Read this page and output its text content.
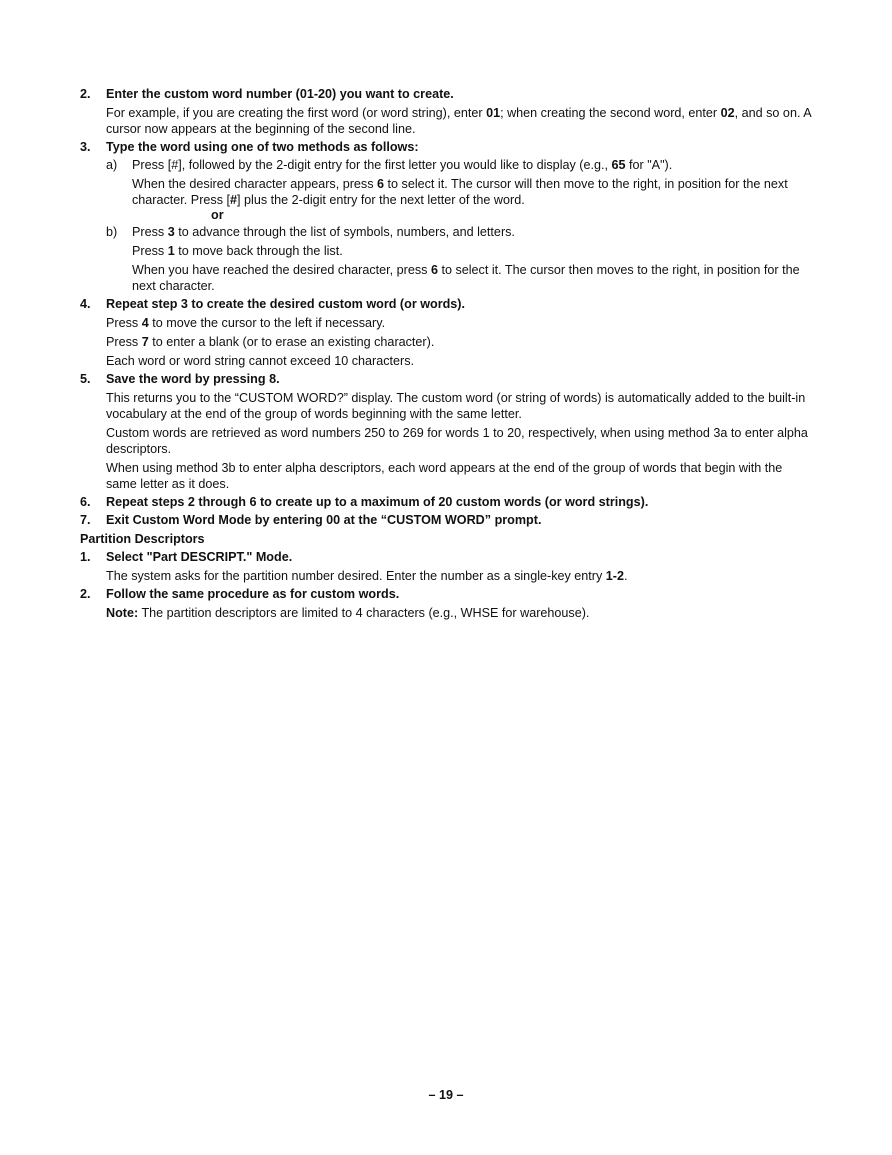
2. Enter the custom word number (01-20) you want to create.

For example, if you are creating the first word (or word string), enter 01; when creating the second word, enter 02, and so on. A cursor now appears at the beginning of the second line.

3. Type the word using one of two methods as follows:

a) Press [#], followed by the 2-digit entry for the first letter you would like to display (e.g., 65 for "A").

When the desired character appears, press 6 to select it. The cursor will then move to the right, in position for the next character. Press [#] plus the 2-digit entry for the next letter of the word.

or

b) Press 3 to advance through the list of symbols, numbers, and letters.

Press 1 to move back through the list.

When you have reached the desired character, press 6 to select it. The cursor then moves to the right, in position for the next character.

4. Repeat step 3 to create the desired custom word (or words).

Press 4 to move the cursor to the left if necessary.

Press 7 to enter a blank (or to erase an existing character).

Each word or word string cannot exceed 10 characters.

5. Save the word by pressing 8.

This returns you to the “CUSTOM WORD?” display. The custom word (or string of words) is automatically added to the built-in vocabulary at the end of the group of words beginning with the same letter.

Custom words are retrieved as word numbers 250 to 269 for words 1 to 20, respectively, when using method 3a to enter alpha descriptors.

When using method 3b to enter alpha descriptors, each word appears at the end of the group of words that begin with the same letter as it does.

6. Repeat steps 2 through 6 to create up to a maximum of 20 custom words (or word strings).

7. Exit Custom Word Mode by entering 00 at the “CUSTOM WORD” prompt.

Partition Descriptors

1. Select "Part DESCRIPT." Mode.

The system asks for the partition number desired. Enter the number as a single-key entry 1-2.

2. Follow the same procedure as for custom words.

Note: The partition descriptors are limited to 4 characters (e.g., WHSE for warehouse).

– 19 –
